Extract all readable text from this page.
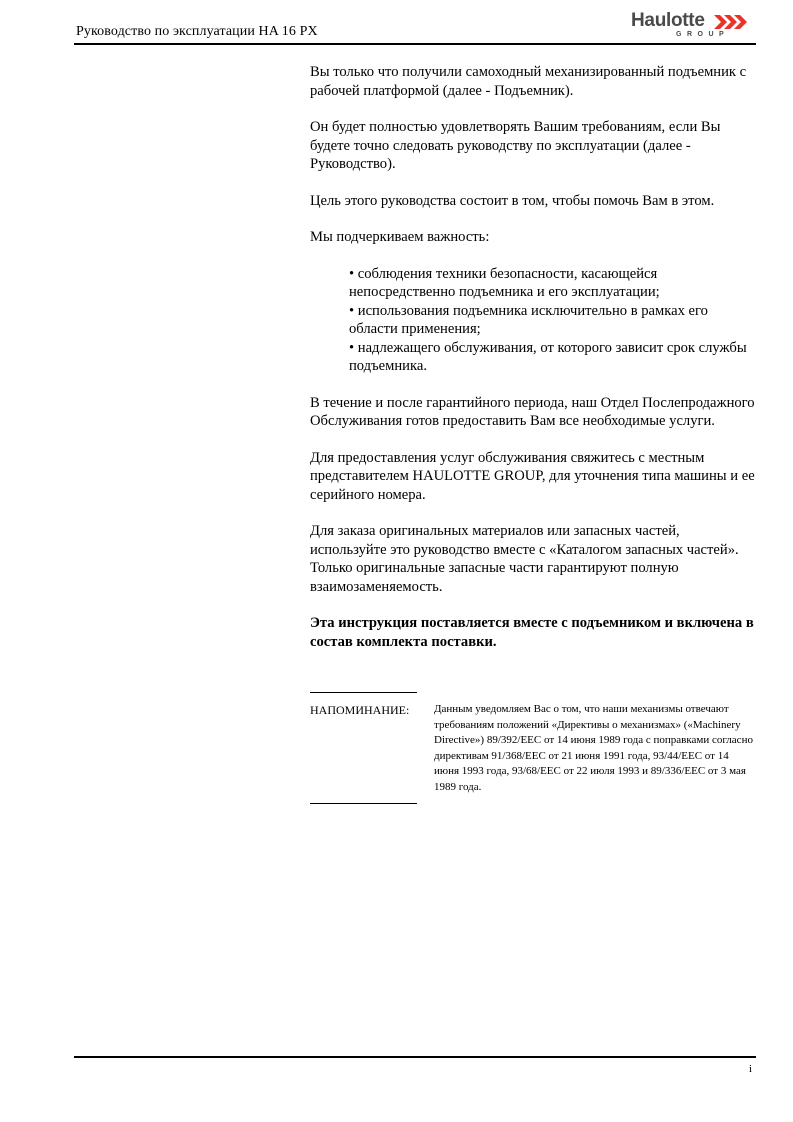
Руководство по эксплуатации HA 16 PX
Haulotte
GROUP

Вы только что получили самоходный механизированный подъемник с рабочей платформой (далее - Подъемник).

Он будет полностью удовлетворять Вашим требованиям, если Вы будете точно следовать руководству по эксплуатации (далее - Руководство).

Цель этого руководства состоит в том, чтобы помочь Вам в этом.

Мы подчеркиваем важность:

• соблюдения техники безопасности, касающейся непосредственно подъемника и его эксплуатации;
• использования подъемника исключительно в рамках его области применения;
• надлежащего обслуживания, от которого зависит срок службы подъемника.

В течение и после гарантийного периода, наш Отдел Послепродажного Обслуживания готов предоставить Вам все необходимые услуги.

Для предоставления услуг обслуживания свяжитесь с местным представителем HAULOTTE GROUP, для уточнения типа машины и ее серийного номера.

Для заказа оригинальных материалов или запасных частей, используйте это руководство вместе с «Каталогом запасных частей». Только оригинальные запасные части гарантируют полную взаимозаменяемость.

Эта инструкция поставляется вместе с подъемником и включена в состав комплекта поставки.

НАПОМИНАНИЕ: Данным уведомляем Вас о том, что наши механизмы отвечают требованиям положений «Директивы о механизмах» («Machinery Directive») 89/392/EEC от 14 июня 1989 года с поправками согласно директивам 91/368/EEC от 21 июня 1991 года, 93/44/EEC от 14 июня 1993 года, 93/68/EEC от 22 июля 1993 и 89/336/EEC от 3 мая 1989 года.
i
